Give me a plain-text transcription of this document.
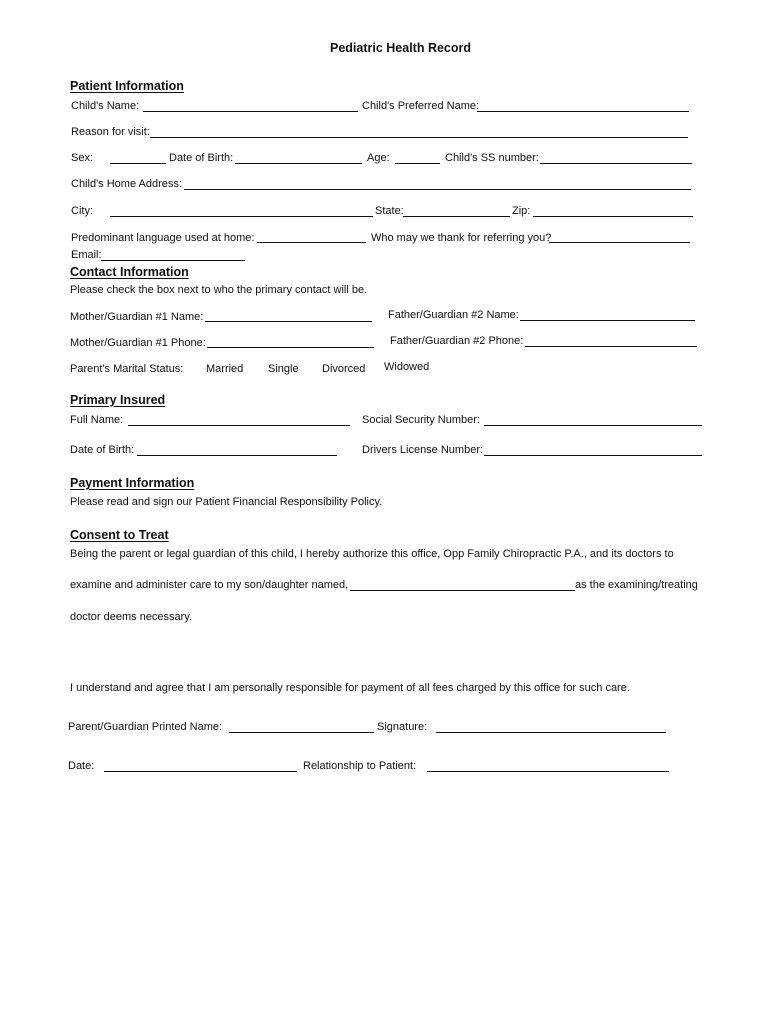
Pediatric Health Record
Patient Information
Child's Name:	Child's Preferred Name:
Reason for visit:
Sex:	Date of Birth:	Age:	Child's SS number:
Child's Home Address:
City:	State:	Zip:
Predominant language used at home:	Who may we thank for referring you?
Email:
Contact Information
Please check the box next to who the primary contact will be.
Mother/Guardian #1 Name:	Father/Guardian #2 Name:
Mother/Guardian #1 Phone:	Father/Guardian #2 Phone:
Parent's Marital Status: Married Single Divorced Widowed
Primary Insured
Full Name:	Social Security Number:
Date of Birth:	Drivers License Number:
Payment Information
Please read and sign our Patient Financial Responsibility Policy.
Consent to Treat
Being the parent or legal guardian of this child, I hereby authorize this office, Opp Family Chiropractic P.A., and its doctors to
examine and administer care to my son/daughter named,	as the examining/treating
doctor deems necessary.
I understand and agree that I am personally responsible for payment of all fees charged by this office for such care.
Parent/Guardian Printed Name:	Signature:
Date:	Relationship to Patient:
